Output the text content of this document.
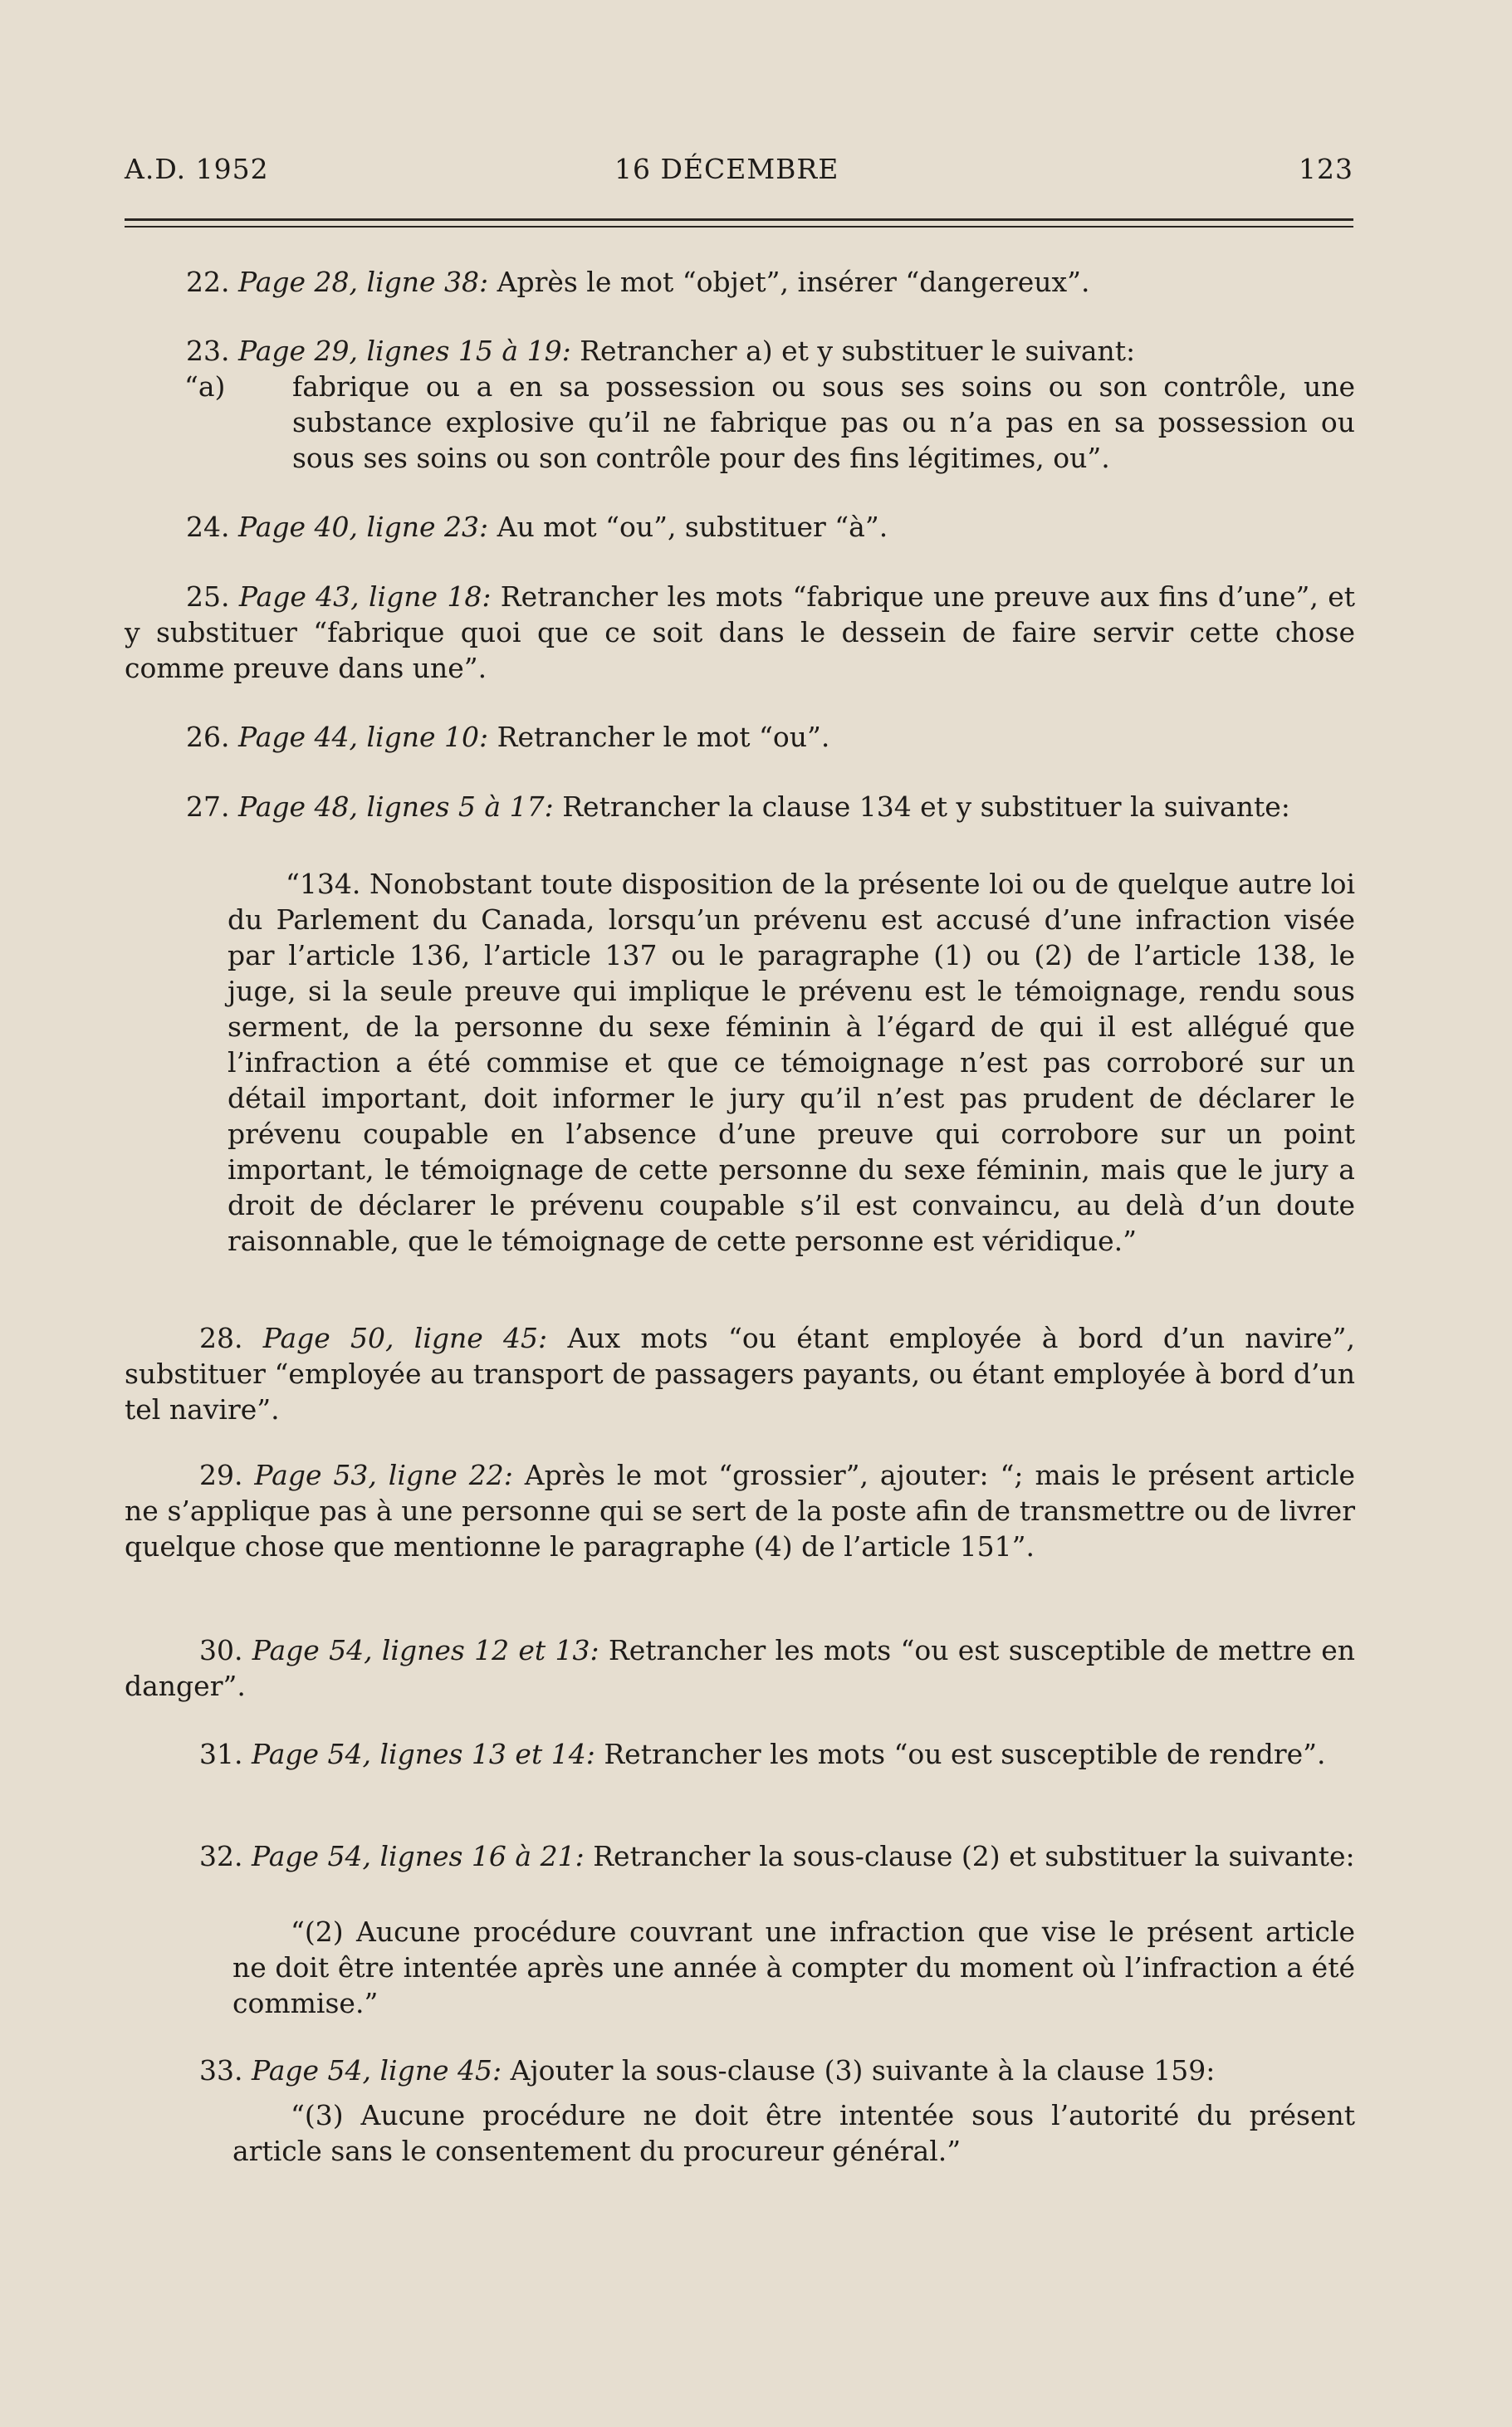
A.D. 1952	16 DÉCEMBRE	123
22. Page 28, ligne 38: Après le mot “objet”, insérer “dangereux”.
23. Page 29, lignes 15 à 19: Retrancher a) et y substituer le suivant:
“a) fabrique ou a en sa possession ou sous ses soins ou son contrôle, une substance explosive qu’il ne fabrique pas ou n’a pas en sa possession ou sous ses soins ou son contrôle pour des fins légitimes, ou”.
24. Page 40, ligne 23: Au mot “ou”, substituer “à”.
25. Page 43, ligne 18: Retrancher les mots “fabrique une preuve aux fins d’une”, et y substituer “fabrique quoi que ce soit dans le dessein de faire servir cette chose comme preuve dans une”.
26. Page 44, ligne 10: Retrancher le mot “ou”.
27. Page 48, lignes 5 à 17: Retrancher la clause 134 et y substituer la suivante:
“134. Nonobstant toute disposition de la présente loi ou de quelque autre loi du Parlement du Canada, lorsqu’un prévenu est accusé d’une infraction visée par l’article 136, l’article 137 ou le paragraphe (1) ou (2) de l’article 138, le juge, si la seule preuve qui implique le prévenu est le témoignage, rendu sous serment, de la personne du sexe féminin à l’égard de qui il est allégué que l’infraction a été commise et que ce témoignage n’est pas corroboré sur un détail important, doit informer le jury qu’il n’est pas prudent de déclarer le prévenu coupable en l’absence d’une preuve qui corrobore sur un point important, le témoignage de cette personne du sexe féminin, mais que le jury a droit de déclarer le prévenu coupable s’il est convaincu, au delà d’un doute raisonnable, que le témoignage de cette personne est véridique.”
28. Page 50, ligne 45: Aux mots “ou étant employée à bord d’un navire”, substituer “employée au transport de passagers payants, ou étant employée à bord d’un tel navire”.
29. Page 53, ligne 22: Après le mot “grossier”, ajouter: “; mais le présent article ne s’applique pas à une personne qui se sert de la poste afin de transmettre ou de livrer quelque chose que mentionne le paragraphe (4) de l’article 151”.
30. Page 54, lignes 12 et 13: Retrancher les mots “ou est susceptible de mettre en danger”.
31. Page 54, lignes 13 et 14: Retrancher les mots “ou est susceptible de rendre”.
32. Page 54, lignes 16 à 21: Retrancher la sous-clause (2) et substituer la suivante:
“(2) Aucune procédure couvrant une infraction que vise le présent article ne doit être intentée après une année à compter du moment où l’infraction a été commise.”
33. Page 54, ligne 45: Ajouter la sous-clause (3) suivante à la clause 159:
“(3) Aucune procédure ne doit être intentée sous l’autorité du présent article sans le consentement du procureur général.”
